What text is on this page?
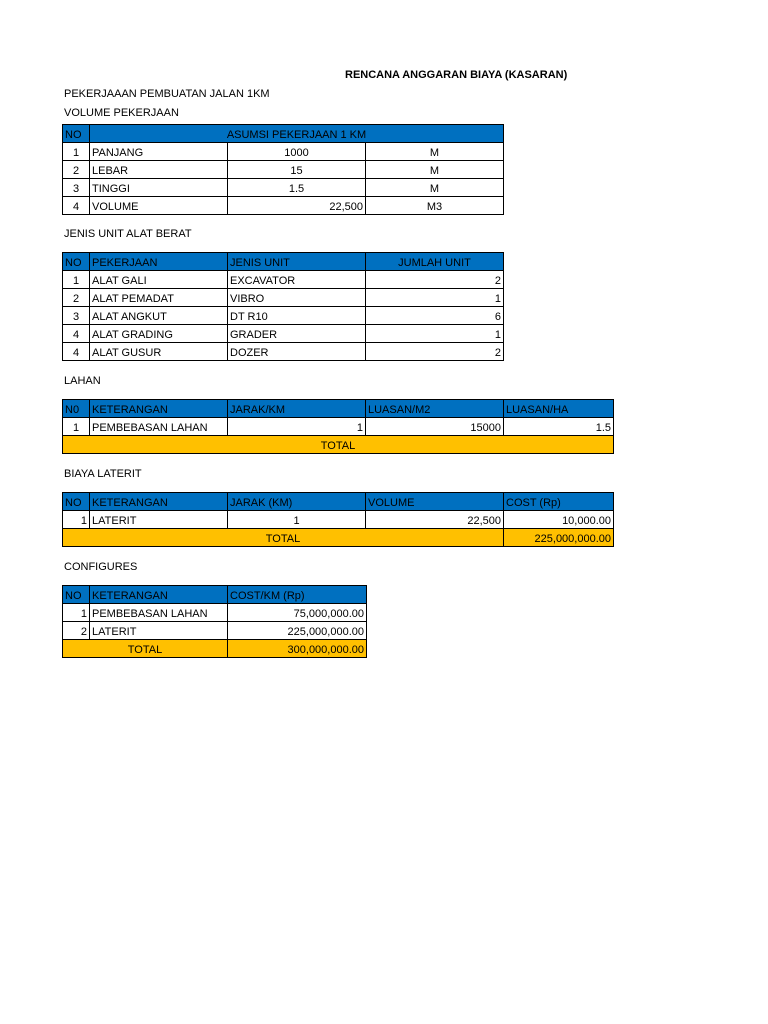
RENCANA ANGGARAN BIAYA (KASARAN)
PEKERJAAAN PEMBUATAN JALAN 1KM
VOLUME PEKERJAAN
NO	ASUMSI PEKERJAAN 1 KM		
1	PANJANG	1000	M
2	LEBAR	15	M
3	TINGGI	1.5	M
4	VOLUME	22,500	M3
JENIS UNIT ALAT BERAT
NO	PEKERJAAN	JENIS UNIT	JUMLAH UNIT
1	ALAT GALI	EXCAVATOR	2
2	ALAT PEMADAT	VIBRO	1
3	ALAT ANGKUT	DT R10	6
4	ALAT GRADING	GRADER	1
4	ALAT GUSUR	DOZER	2
LAHAN
N0	KETERANGAN	JARAK/KM	LUASAN/M2	LUASAN/HA
1	PEMBEBASAN LAHAN	1	15000	1.5
TOTAL				
BIAYA LATERIT
NO	KETERANGAN	JARAK (KM)	VOLUME	COST (Rp)
1	LATERIT	1	22,500	10,000.00
TOTAL				225,000,000.00
CONFIGURES
NO	KETERANGAN	COST/KM (Rp)
1	PEMBEBASAN LAHAN	75,000,000.00
2	LATERIT	225,000,000.00
TOTAL		300,000,000.00
